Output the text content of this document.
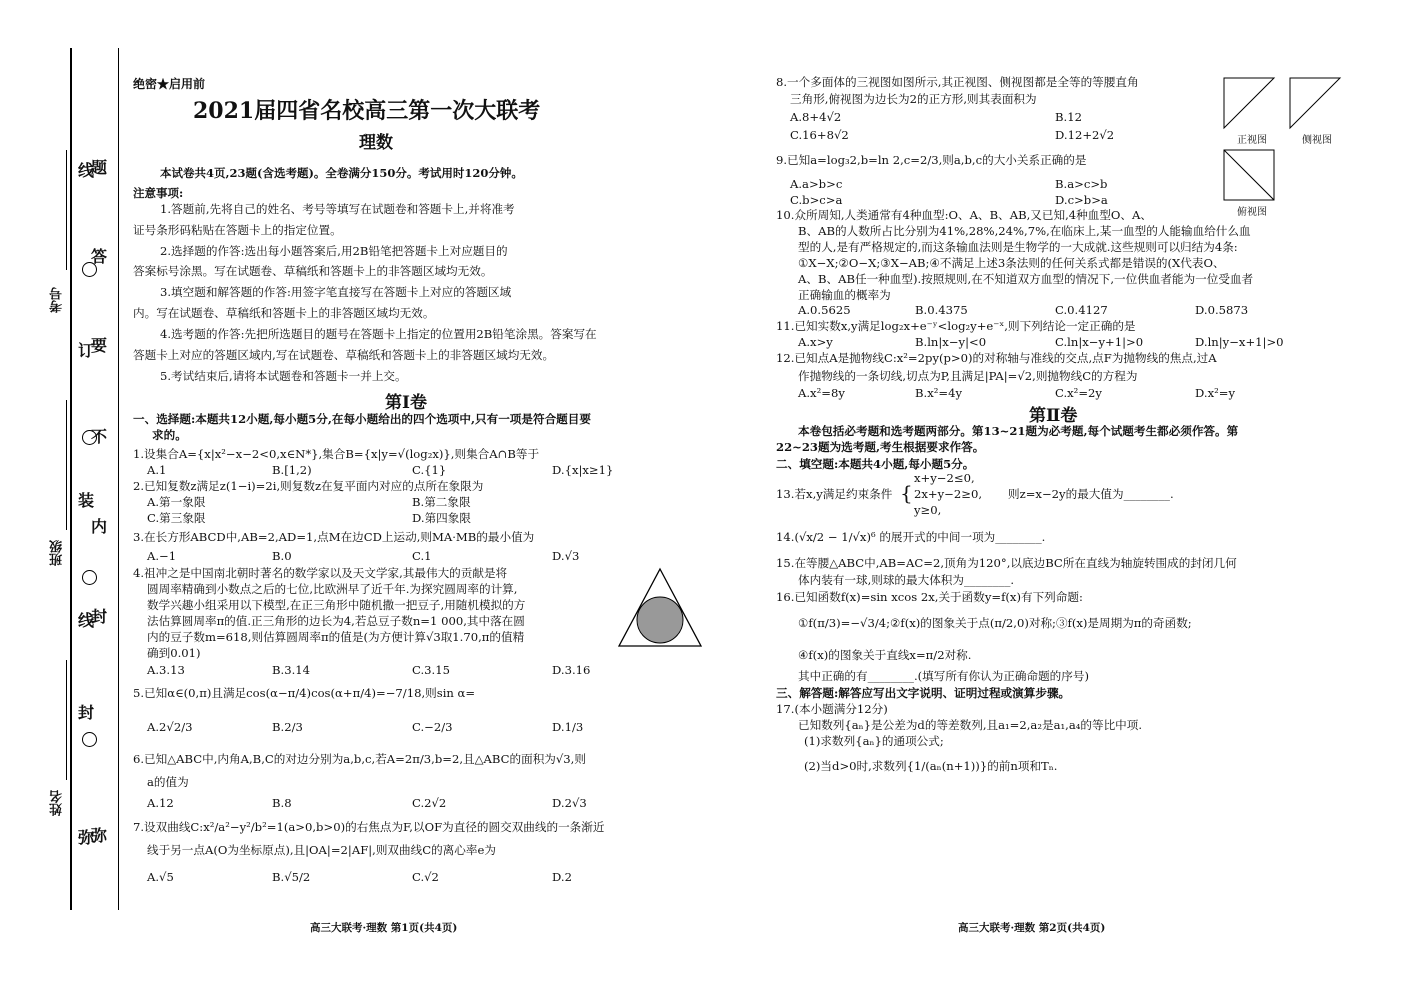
题
答
要
不
内
封
弥
线
订
装
线
封
弥
考号
班级
姓名
绝密★启用前
2021届四省名校高三第一次大联考
理数
本试卷共4页,23题(含选考题)。全卷满分150分。考试用时120分钟。
注意事项:
1.答题前,先将自己的姓名、考号等填写在试题卷和答题卡上,并将准考
证号条形码粘贴在答题卡上的指定位置。
2.选择题的作答:选出每小题答案后,用2B铅笔把答题卡上对应题目的
答案标号涂黑。写在试题卷、草稿纸和答题卡上的非答题区域均无效。
3.填空题和解答题的作答:用签字笔直接写在答题卡上对应的答题区域
内。写在试题卷、草稿纸和答题卡上的非答题区域均无效。
4.选考题的作答:先把所选题目的题号在答题卡上指定的位置用2B铅笔涂黑。答案写在
答题卡上对应的答题区域内,写在试题卷、草稿纸和答题卡上的非答题区域均无效。
5.考试结束后,请将本试题卷和答题卡一并上交。
第Ⅰ卷
一、选择题:本题共12小题,每小题5分,在每小题给出的四个选项中,只有一项是符合题目要
求的。
1.设集合A={x|x²−x−2<0,x∈N*},集合B={x|y=√(log₂x)},则集合A∩B等于
A.1	B.[1,2)	C.{1}	D.{x|x≥1}
2.已知复数z满足z(1−i)=2i,则复数z在复平面内对应的点所在象限为
A.第一象限	B.第二象限
C.第三象限	D.第四象限
3.在长方形ABCD中,AB=2,AD=1,点M在边CD上运动,则MA·MB的最小值为
A.−1	B.0	C.1	D.√3
4.祖冲之是中国南北朝时著名的数学家以及天文学家,其最伟大的贡献是将
圆周率精确到小数点之后的七位,比欧洲早了近千年.为探究圆周率的计算,
数学兴趣小组采用以下模型,在正三角形中随机撒一把豆子,用随机模拟的方
法估算圆周率π的值.正三角形的边长为4,若总豆子数n=1 000,其中落在圆
内的豆子数m=618,则估算圆周率π的值是(为方便计算√3取1.70,π的值精
确到0.01)
A.3.13	B.3.14	C.3.15	D.3.16
5.已知α∈(0,π)且满足cos(α−π/4)cos(α+π/4)=−7/18,则sin α=
A.2√2/3	B.2/3	C.−2/3	D.1/3
6.已知△ABC中,内角A,B,C的对边分别为a,b,c,若A=2π/3,b=2,且△ABC的面积为√3,则
a的值为
A.12	B.8	C.2√2	D.2√3
7.设双曲线C:x²/a²−y²/b²=1(a>0,b>0)的右焦点为F,以OF为直径的圆交双曲线的一条渐近
线于另一点A(O为坐标原点),且|OA|=2|AF|,则双曲线C的离心率e为
A.√5	B.√5/2	C.√2	D.2
高三大联考·理数 第1页(共4页)
8.一个多面体的三视图如图所示,其正视图、侧视图都是全等的等腰直角
三角形,俯视图为边长为2的正方形,则其表面积为
A.8+4√2	B.12
C.16+8√2	D.12+2√2	正视图	侧视图
俯视图
9.已知a=log₃2,b=ln 2,c=2/3,则a,b,c的大小关系正确的是
A.a>b>c	B.a>c>b
C.b>c>a	D.c>b>a
10.众所周知,人类通常有4种血型:O、A、B、AB,又已知,4种血型O、A、
B、AB的人数所占比分别为41%,28%,24%,7%,在临床上,某一血型的人能输血给什么血
型的人,是有严格规定的,而这条输血法则是生物学的一大成就.这些规则可以归结为4条:
①X−X;②O−X;③X−AB;④不满足上述3条法则的任何关系式都是错误的(X代表O、
A、B、AB任一种血型).按照规则,在不知道双方血型的情况下,一位供血者能为一位受血者
正确输血的概率为
A.0.5625	B.0.4375	C.0.4127	D.0.5873
11.已知实数x,y满足log₂x+e⁻ʸ<log₂y+e⁻ˣ,则下列结论一定正确的是
A.x>y	B.ln|x−y|<0	C.ln|x−y+1|>0	D.ln|y−x+1|>0
12.已知点A是抛物线C:x²=2py(p>0)的对称轴与准线的交点,点F为抛物线的焦点,过A
作抛物线的一条切线,切点为P,且满足|PA|=√2,则抛物线C的方程为
A.x²=8y	B.x²=4y	C.x²=2y	D.x²=y
第Ⅱ卷
本卷包括必考题和选考题两部分。第13~21题为必考题,每个试题考生都必须作答。第
22~23题为选考题,考生根据要求作答。
二、填空题:本题共4小题,每小题5分。
13.若x,y满足约束条件 {
x+y−2≤0,
2x+y−2≥0,
y≥0,
则z=x−2y的最大值为________.
14.(√x/2 − 1/√x)⁶ 的展开式的中间一项为________.
15.在等腰△ABC中,AB=AC=2,顶角为120°,以底边BC所在直线为轴旋转围成的封闭几何
体内装有一球,则球的最大体积为________.
16.已知函数f(x)=sin xcos 2x,关于函数y=f(x)有下列命题:
①f(π/3)=−√3/4;②f(x)的图象关于点(π/2,0)对称;③f(x)是周期为π的奇函数;
④f(x)的图象关于直线x=π/2对称.
其中正确的有________.(填写所有你认为正确命题的序号)
三、解答题:解答应写出文字说明、证明过程或演算步骤。
17.(本小题满分12分)
已知数列{aₙ}是公差为d的等差数列,且a₁=2,a₂是a₁,a₄的等比中项.
(1)求数列{aₙ}的通项公式;
(2)当d>0时,求数列{1/(aₙ(n+1))}的前n项和Tₙ.
高三大联考·理数 第2页(共4页)
